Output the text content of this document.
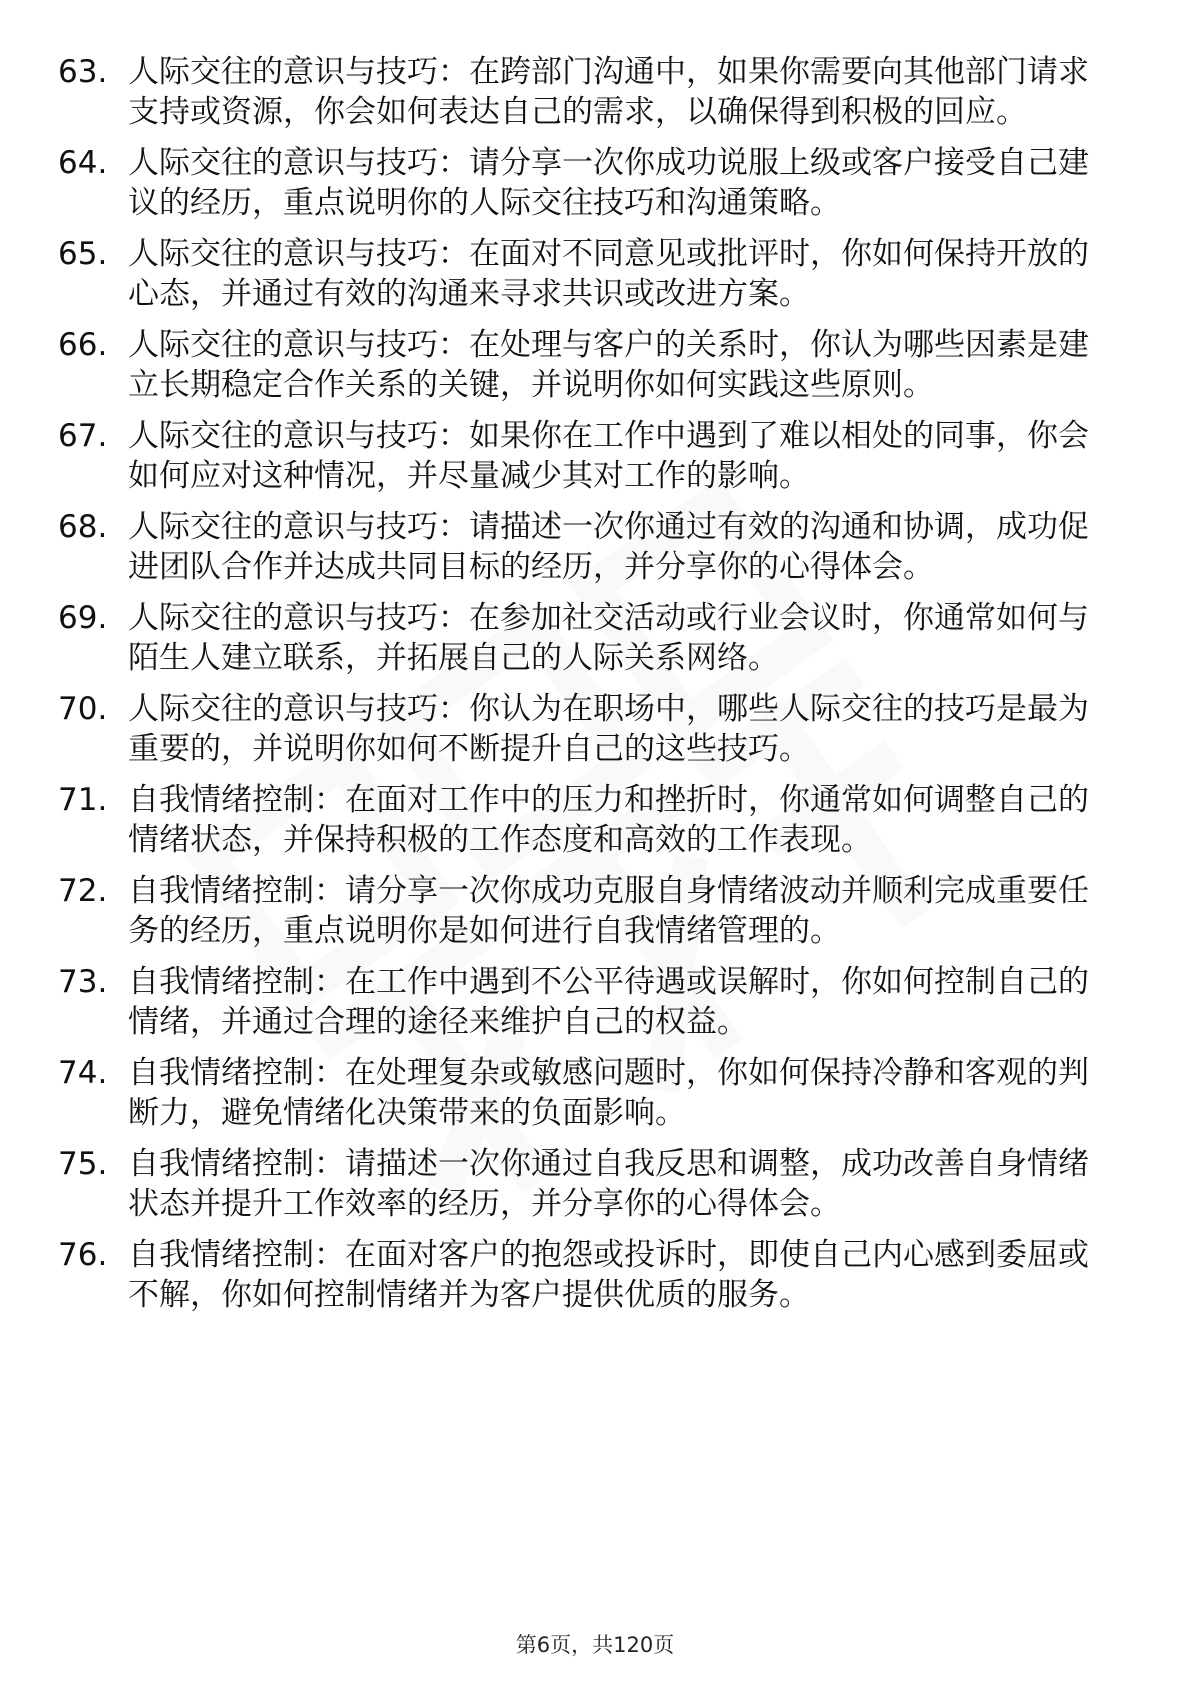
63. 人际交往的意识与技巧：在跨部门沟通中，如果你需要向其他部门请求支持或资源，你会如何表达自己的需求，以确保得到积极的回应。
64. 人际交往的意识与技巧：请分享一次你成功说服上级或客户接受自己建议的经历，重点说明你的人际交往技巧和沟通策略。
65. 人际交往的意识与技巧：在面对不同意见或批评时，你如何保持开放的心态，并通过有效的沟通来寻求共识或改进方案。
66. 人际交往的意识与技巧：在处理与客户的关系时，你认为哪些因素是建立长期稳定合作关系的关键，并说明你如何实践这些原则。
67. 人际交往的意识与技巧：如果你在工作中遇到了难以相处的同事，你会如何应对这种情况，并尽量减少其对工作的影响。
68. 人际交往的意识与技巧：请描述一次你通过有效的沟通和协调，成功促进团队合作并达成共同目标的经历，并分享你的心得体会。
69. 人际交往的意识与技巧：在参加社交活动或行业会议时，你通常如何与陌生人建立联系，并拓展自己的人际关系网络。
70. 人际交往的意识与技巧：你认为在职场中，哪些人际交往的技巧是最为重要的，并说明你如何不断提升自己的这些技巧。
71. 自我情绪控制：在面对工作中的压力和挫折时，你通常如何调整自己的情绪状态，并保持积极的工作态度和高效的工作表现。
72. 自我情绪控制：请分享一次你成功克服自身情绪波动并顺利完成重要任务的经历，重点说明你是如何进行自我情绪管理的。
73. 自我情绪控制：在工作中遇到不公平待遇或误解时，你如何控制自己的情绪，并通过合理的途径来维护自己的权益。
74. 自我情绪控制：在处理复杂或敏感问题时，你如何保持冷静和客观的判断力，避免情绪化决策带来的负面影响。
75. 自我情绪控制：请描述一次你通过自我反思和调整，成功改善自身情绪状态并提升工作效率的经历，并分享你的心得体会。
76. 自我情绪控制：在面对客户的抱怨或投诉时，即使自己内心感到委屈或不解，你如何控制情绪并为客户提供优质的服务。
第6页，共120页
